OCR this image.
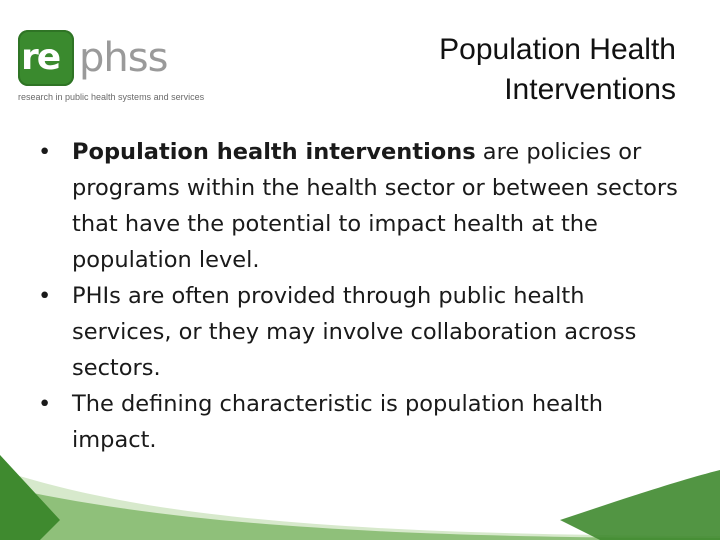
re phss
research in public health systems and services
Population Health
Interventions
• Population health interventions are policies or programs within the health sector or between sectors that have the potential to impact health at the population level.
• PHIs are often provided through public health services, or they may involve collaboration across sectors.
• The defining characteristic is population health impact.
